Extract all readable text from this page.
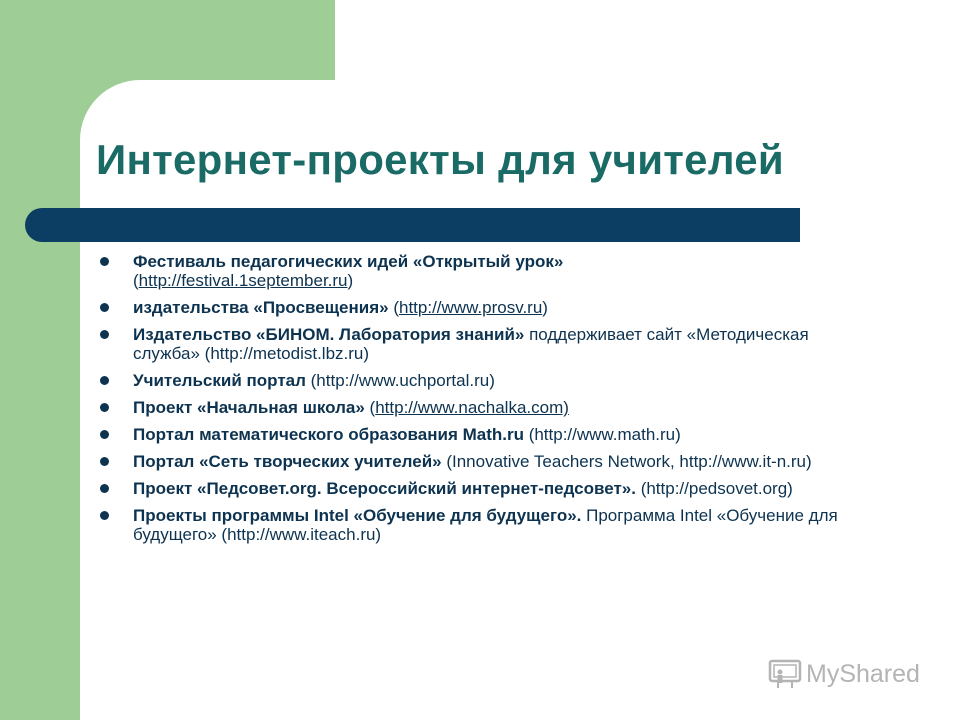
Интернет-проекты для учителей
Фестиваль педагогических идей «Открытый урок»
(http://festival.1september.ru)
издательства «Просвещения» (http://www.prosv.ru)
Издательство «БИНОМ. Лаборатория знаний» поддерживает сайт «Методическая служба» (http://metodist.lbz.ru)
Учительский портал (http://www.uchportal.ru)
Проект «Начальная школа» (http://www.nachalka.com)
Портал математического образования Math.ru (http://www.math.ru)
Портал «Сеть творческих учителей» (Innovative Teachers Network, http://www.it-n.ru)
Проект «Педсовет.org. Всероссийский интернет-педсовет». (http://pedsovet.org)
Проекты программы Intel «Обучение для будущего». Программа Intel «Обучение для будущего» (http://www.iteach.ru)
MyShared
